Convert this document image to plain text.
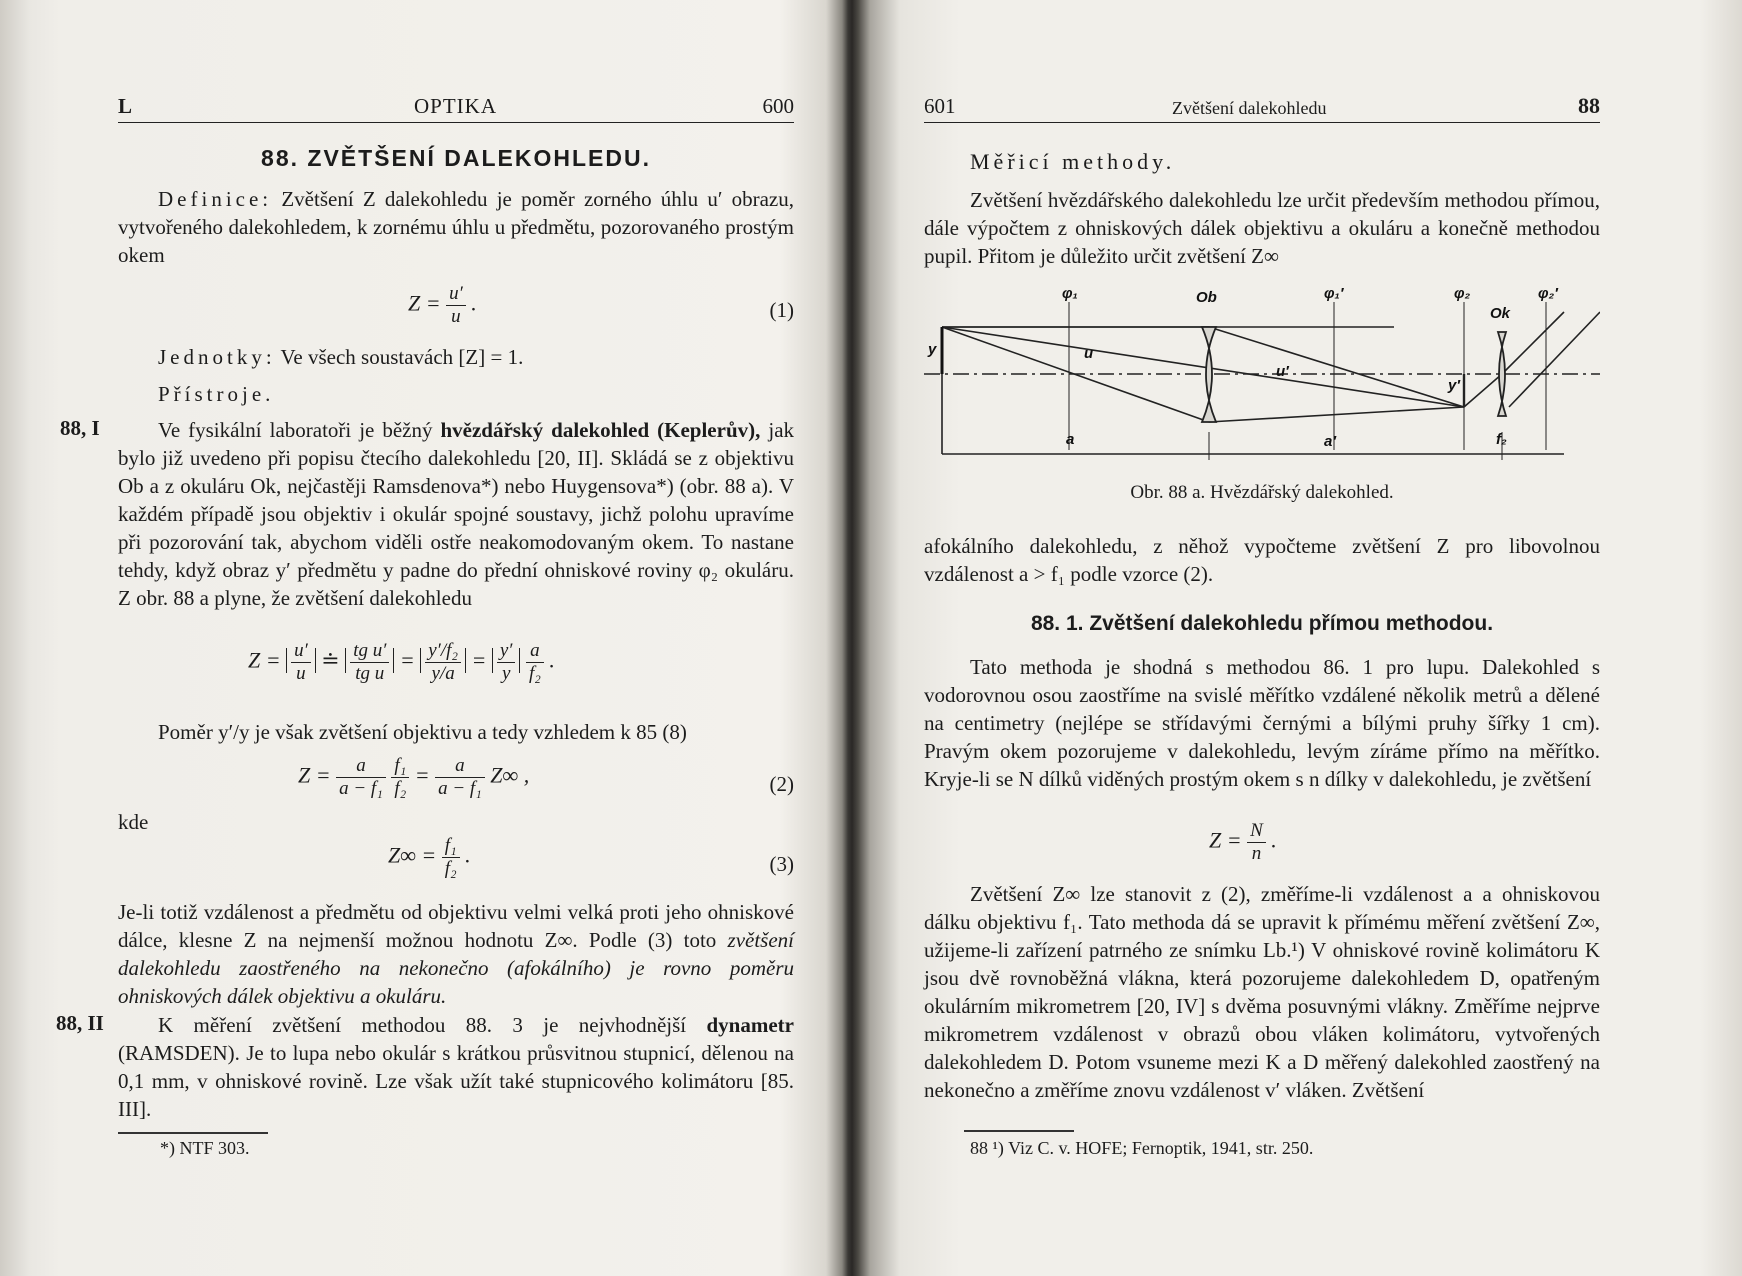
L	OPTIKA	600
88. ZVĚTŠENÍ DALEKOHLEDU.

Definice: Zvětšení Z dalekohledu je poměr zorného úhlu u′ obrazu, vytvořeného dalekohledem, k zornému úhlu u předmětu, pozorovaného prostým okem

$Z = \frac{u'}{u}$ .	(1)

Jednotky: Ve všech soustavách [Z] = 1.

Přístroje.

88, I	Ve fysikální laboratoři je běžný hvězdářský dalekohled (Keplerův), jak bylo již uvedeno při popisu čtecího dalekohledu [20, II]. Skládá se z objektivu Ob a z okuláru Ok, nejčastěji Ramsdenova*) nebo Huygensova*) (obr. 88 a). V každém případě jsou objektiv i okulár spojné soustavy, jichž polohu upravíme při pozorování tak, abychom viděli ostře neakomodovaným okem. To nastane tehdy, když obraz y′ předmětu y padne do přední ohniskové roviny φ₂ okuláru. Z obr. 88 a plyne, že zvětšení dalekohledu

$Z = \frac{u'}{u}$ ≐ $\frac{\text{tg u′}}{\text{tg u}} = \frac{\text{y′/f₂}}{y/a} = \frac{y'}{y}$
$\frac{a}{\text{f₂}}$ .

Poměr y′/y je však zvětšení objektivu a tedy vzhledem k 85 (8)

$Z = \frac{a}{\text{a − f₁}}$
$\frac{\text{f₁}}{\text{f₂}} = \frac{a}{\text{a − f₁}} Z\infty$ ,	(2)

kde

$Z\infty = \frac{\text{f₁}}{\text{f₂}}$ .	(3)

Je-li totiž vzdálenost a předmětu od objektivu velmi velká proti jeho ohniskové dálce, klesne Z na nejmenší možnou hodnotu Z∞. Podle (3) toto zvětšení dalekohledu zaostřeného na nekonečno (afokálního) je rovno poměru ohniskových dálek objektivu a okuláru.

88, II	K měření zvětšení methodou 88. 3 je nejvhodnější dynametr (RAMSDEN). Je to lupa nebo okulár s krátkou průsvitnou stupnicí, dělenou na 0,1 mm, v ohniskové rovině. Lze však užít také stupnicového kolimátoru [85. III].

*) NTF 303.
601	Zvětšení dalekohledu	88

Měřicí methody.

Zvětšení hvězdářského dalekohledu lze určit především methodou přímou, dále výpočtem z ohniskových dálek objektivu a okuláru a konečně methodou pupil. Přitom je důležito určit zvětšení Z∞

φ₁	Ob	φ₁′	φ₂
Ok
φ₂′
y	u
u′
y′
a	a′	f₂
Obr. 88 a. Hvězdářský dalekohled.

afokálního dalekohledu, z něhož vypočteme zvětšení Z pro libovolnou vzdálenost a > f₁ podle vzorce (2).

88. 1. Zvětšení dalekohledu přímou methodou.

Tato methoda je shodná s methodou 86. 1 pro lupu. Dalekohled s vodorovnou osou zaostříme na svislé měřítko vzdálené několik metrů a dělené na centimetry (nejlépe se střídavými černými a bílými pruhy šířky 1 cm). Pravým okem pozorujeme v dalekohledu, levým zíráme přímo na měřítko. Kryje-li se N dílků viděných prostým okem s n dílky v dalekohledu, je zvětšení

$Z = \frac{N}{n}$ .

Zvětšení Z∞ lze stanovit z (2), změříme-li vzdálenost a a ohniskovou dálku objektivu f₁. Tato methoda dá se upravit k přímému měření zvětšení Z∞, užijeme-li zařízení patrného ze snímku Lb.¹) V ohniskové rovině kolimátoru K jsou dvě rovnoběžná vlákna, která pozorujeme dalekohledem D, opatřeným okulárním mikrometrem [20, IV] s dvěma posuvnými vlákny. Změříme nejprve mikrometrem vzdálenost v obrazů obou vláken kolimátoru, vytvořených dalekohledem D. Potom vsuneme mezi K a D měřený dalekohled zaostřený na nekonečno a změříme znovu vzdálenost v′ vláken. Zvětšení

88 ¹) Viz C. v. HOFE; Fernoptik, 1941, str. 250.
